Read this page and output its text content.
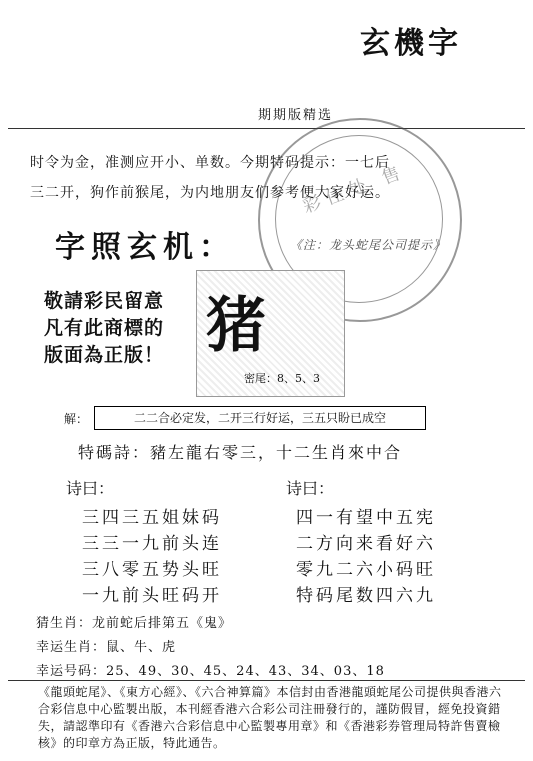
玄機字
期期版精选
彩住处 售
时令为金，准测应开小、单数。今期特码提示：一七后
三二开，狗作前猴尾，为内地朋友们参考便大家好运。
字照玄机：	《注：龙头蛇尾公司提示》
敬請彩民留意
凡有此商標的
版面為正版！ 猪
密尾：8、5、3
解：	二二合必定发，二开三行好运，三五只盼已成空
特碼詩：豬左龍右零三，十二生肖來中合
诗曰：
三四三五姐妹码
三三一九前头连
三八零五势头旺
一九前头旺码开
诗曰：
四一有望中五宪
二方向来看好六
零九二六小码旺
特码尾数四六九
猜生肖：龙前蛇后排第五《鬼》
幸运生肖：鼠、牛、虎
幸运号码：25、49、30、45、24、43、34、03、18
《龍頭蛇尾》、《東方心經》、《六合神算篇》本信封由香港龍頭蛇尾公司提供與香港六合彩信息中心監製出版，本刊經香港六合彩公司注冊發行的，謹防假冒，經免投資錯失，請認準印有《香港六合彩信息中心監製專用章》和《香港彩券管理局特許售賣檢核》的印章方為正版，特此通告。
